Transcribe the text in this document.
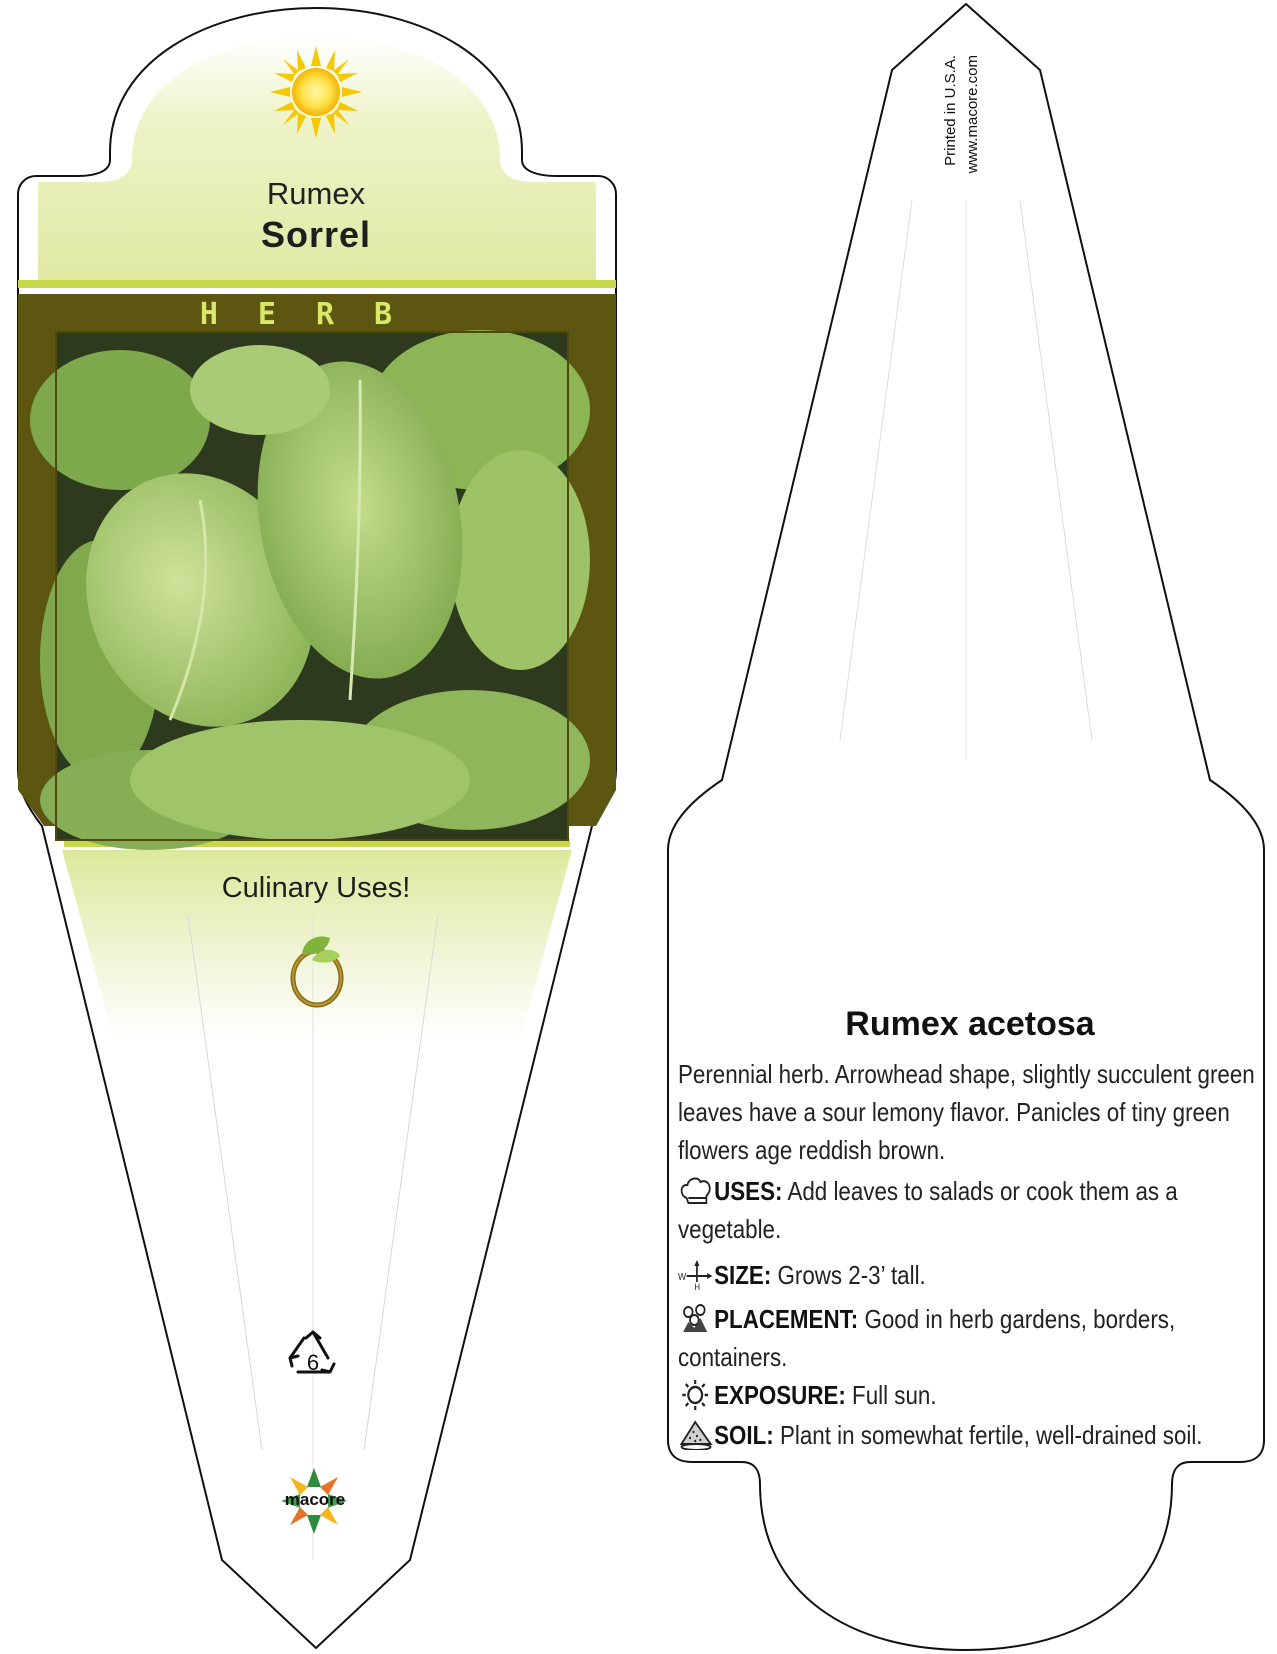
Rumex
Sorrel
HERB
Culinary Uses!
6
macore
Printed in U.S.A. www.macore.com
Rumex acetosa
Perennial herb. Arrowhead shape, slightly succulent green leaves have a sour lemony flavor. Panicles of tiny green flowers age reddish brown.
USES: Add leaves to salads or cook them as a vegetable.
W
H SIZE: Grows 2-3’ tall.
PLACEMENT: Good in herb gardens, borders, containers.
EXPOSURE: Full sun.
SOIL: Plant in somewhat fertile, well-drained soil.
